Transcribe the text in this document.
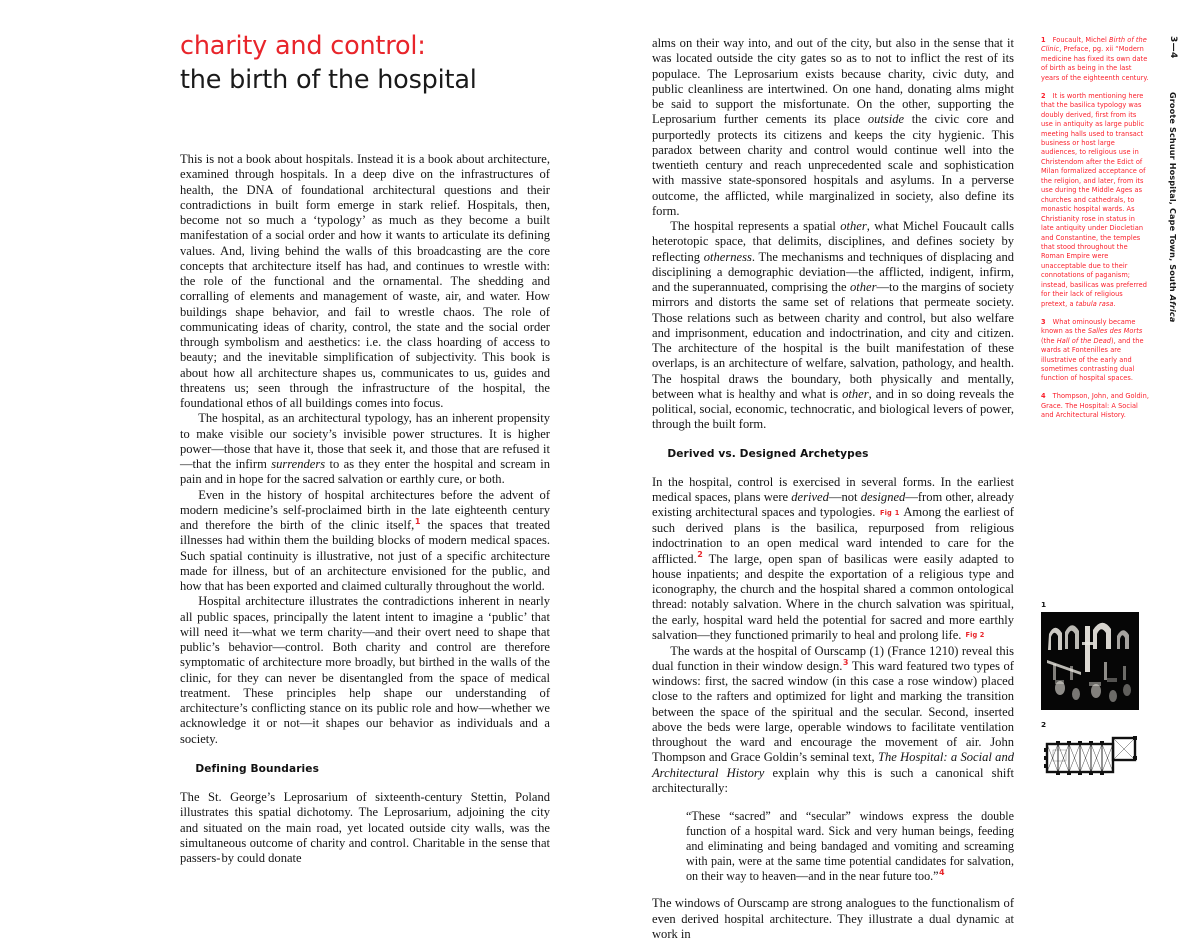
charity and control:
the birth of the hospital

This is not a book about hospitals. Instead it is a book about architecture, examined through hospitals. In a deep dive on the infrastructures of health, the DNA of foundational architectural questions and their contradictions in built form emerge in stark relief. Hospitals, then, become not so much a ‘typology’ as much as they become a built manifestation of a social order and how it wants to articulate its defining values. And, living behind the walls of this broadcasting are the core concepts that architecture itself has had, and continues to wrestle with: the role of the functional and the ornamental. The shedding and corralling of elements and management of waste, air, and water. How buildings shape behavior, and fail to wrestle chaos. The role of communicating ideas of charity, control, the state and the social order through symbolism and aesthetics: i.e. the class hoarding of access to beauty; and the inevitable simplification of subjectivity. This book is about how all architecture shapes us, communicates to us, guides and threatens us; seen through the infrastructure of the hospital, the foundational ethos of all buildings comes into focus.

The hospital, as an architectural typology, has an inherent propensity to make visible our society’s invisible power structures. It is higher power—those that have it, those that seek it, and those that are refused it—that the infirm surrenders to as they enter the hospital and scream in pain and in hope for the sacred salvation or earthly cure, or both.

Even in the history of hospital architectures before the advent of modern medicine’s self-proclaimed birth in the late eighteenth century and therefore the birth of the clinic itself,$^1$ the spaces that treated illnesses had within them the building blocks of modern medical spaces. Such spatial continuity is illustrative, not just of a specific architecture made for illness, but of an architecture envisioned for the public, and how that has been exported and claimed culturally throughout the world.

Hospital architecture illustrates the contradictions inherent in nearly all public spaces, principally the latent intent to imagine a ‘public’ that will need it—what we term charity—and their overt need to shape that public’s behavior—control. Both charity and control are therefore symptomatic of architecture more broadly, but birthed in the walls of the clinic, for they can never be disentangled from the space of medical treatment. These principles help shape our understanding of architecture’s conflicting stance on its public role and how—whether we acknowledge it or not—it shapes our behavior as individuals and a society.

Defining Boundaries

The St. George’s Leprosarium of sixteenth-century Stettin, Poland illustrates this spatial dichotomy. The Leprosarium, adjoining the city and situated on the main road, yet located outside city walls, was the simultaneous outcome of charity and control. Charitable in the sense that passers- by could donate

alms on their way into, and out of the city, but also in the sense that it was located outside the city gates so as to not to inflict the rest of its populace. The Leprosarium exists because charity, civic duty, and public cleanliness are intertwined. On one hand, donating alms might be said to support the misfortunate. On the other, supporting the Leprosarium further cements its place outside the civic core and purportedly protects its citizens and keeps the city hygienic. This paradox between charity and control would continue well into the twentieth century and reach unprecedented scale and sophistication with massive state-sponsored hospitals and asylums. In a perverse outcome, the afflicted, while marginalized in society, also define its form.

The hospital represents a spatial other, what Michel Foucault calls heterotopic space, that delimits, disciplines, and defines society by reflecting otherness. The mechanisms and techniques of displacing and disciplining a demographic deviation—the afflicted, indigent, infirm, and the superannuated, comprising the other—to the margins of society mirrors and distorts the same set of relations that permeate society. Those relations such as between charity and control, but also welfare and imprisonment, education and indoctrination, and city and citizen. The architecture of the hospital is the built manifestation of these overlaps, is an architecture of welfare, salvation, pathology, and health. The hospital draws the boundary, both physically and mentally, between what is healthy and what is other, and in so doing reveals the political, social, economic, technocratic, and biological levers of power, through the built form.

Derived vs. Designed Archetypes

In the hospital, control is exercised in several forms. In the earliest medical spaces, plans were derived—not designed—from other, already existing architectural spaces and typologies. Fig 1 Among the earliest of such derived plans is the basilica, repurposed from religious indoctrination to an open medical ward intended to care for the afflicted.$^2$ The large, open span of basilicas were easily adapted to house inpatients; and despite the exportation of a religious type and iconography, the church and the hospital shared a common ontological thread: notably salvation. Where in the church salvation was spiritual, the early, hospital ward held the potential for sacred and more earthly salvation—they functioned primarily to heal and prolong life. Fig 2

The wards at the hospital of Ourscamp (1) (France 1210) reveal this dual function in their window design.$^3$ This ward featured two types of windows: first, the sacred window (in this case a rose window) placed close to the rafters and optimized for light and marking the transition between the space of the spiritual and the secular. Second, inserted above the beds were large, operable windows to facilitate ventilation throughout the ward and encourage the movement of air. John Thompson and Grace Goldin’s seminal text, The Hospital: a Social and Architectural History explain why this is such a canonical shift architecturally:

“These “sacred” and “secular” windows express the double function of a hospital ward. Sick and very human beings, feeding and eliminating and being bandaged and vomiting and screaming with pain, were at the same time potential candidates for salvation, on their way to heaven—and in the near future too.”$^4$

The windows of Ourscamp are strong analogues to the functionalism of even derived hospital architecture. They illustrate a dual dynamic at work in

1 Foucault, Michel Birth of the Clinic, Preface, pg. xii “Modern medicine has fixed its own date of birth as being in the last years of the eighteenth century.
2 It is worth mentioning here that the basilica typology was doubly derived, first from its use in antiquity as large public meeting halls used to transact business or host large audiences, to religious use in Christendom after the Edict of Milan formalized acceptance of the religion, and later, from its use during the Middle Ages as churches and cathedrals, to monastic hospital wards. As Christianity rose in status in late antiquity under Diocletian and Constantine, the temples that stood throughout the Roman Empire were unacceptable due to their connotations of paganism; instead, basilicas was preferred for their lack of religious pretext, a tabula rasa.
3 What ominously became known as the Salles des Morts (the Hall of the Dead), and the wards at Fontenilles are illustrative of the early and sometimes contrasting dual function of hospital spaces.
4 Thompson, John, and Goldin, Grace. The Hospital: A Social and Architectural History.
3—4
Groote Schuur Hospital, Cape Town, South Africa
1
2
